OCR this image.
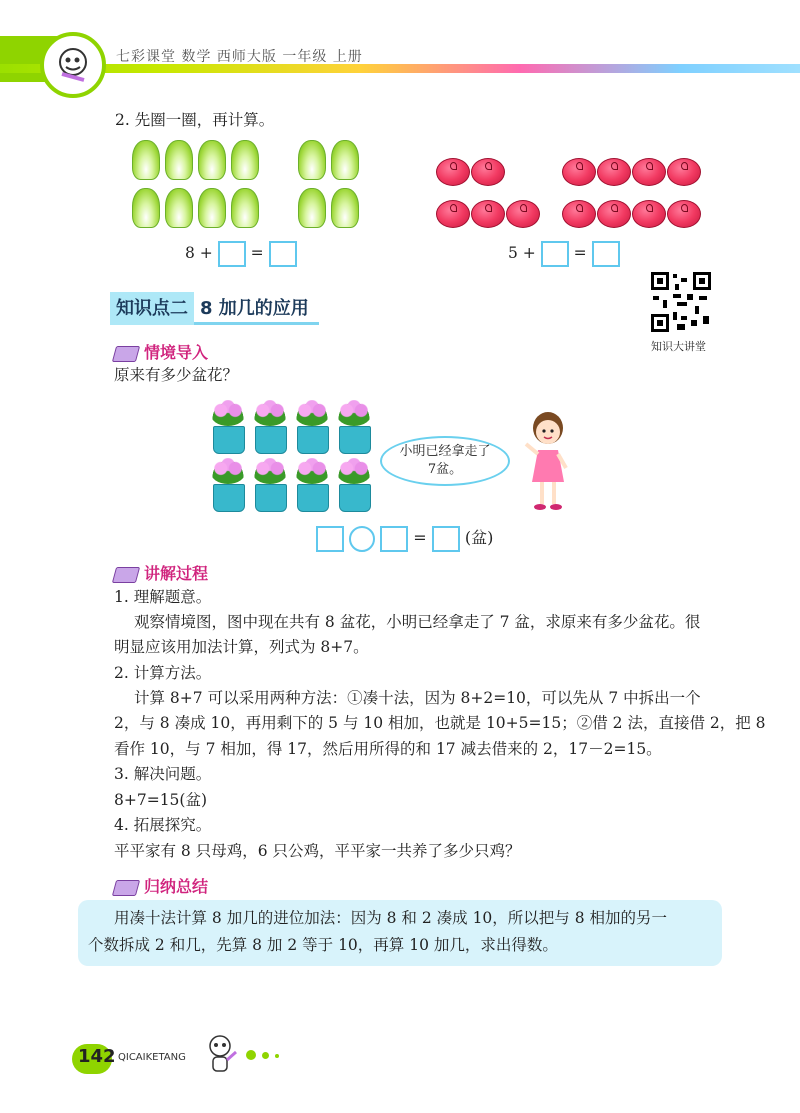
七彩课堂 数学 西师大版 一年级 上册
2. 先圈一圈，再计算。
8 + =	5 + =
知识点二 8 加几的应用
知识大讲堂
情境导入
原来有多少盆花？
小明已经拿走了7盆。
= (盆)
讲解过程
1. 理解题意。
观察情境图，图中现在共有 8 盆花，小明已经拿走了 7 盆，求原来有多少盆花。很
明显应该用加法计算，列式为 8+7。
2. 计算方法。
计算 8+7 可以采用两种方法：①凑十法，因为 8+2=10，可以先从 7 中拆出一个
2，与 8 凑成 10，再用剩下的 5 与 10 相加，也就是 10+5=15；②借 2 法，直接借 2，把 8
看作 10，与 7 相加，得 17，然后用所得的和 17 减去借来的 2，17－2=15。
3. 解决问题。
8+7=15(盆)
4. 拓展探究。
平平家有 8 只母鸡，6 只公鸡，平平家一共养了多少只鸡？
归纳总结
用凑十法计算 8 加几的进位加法：因为 8 和 2 凑成 10，所以把与 8 相加的另一
个数拆成 2 和几，先算 8 加 2 等于 10，再算 10 加几，求出得数。
142 QICAIKETANG
